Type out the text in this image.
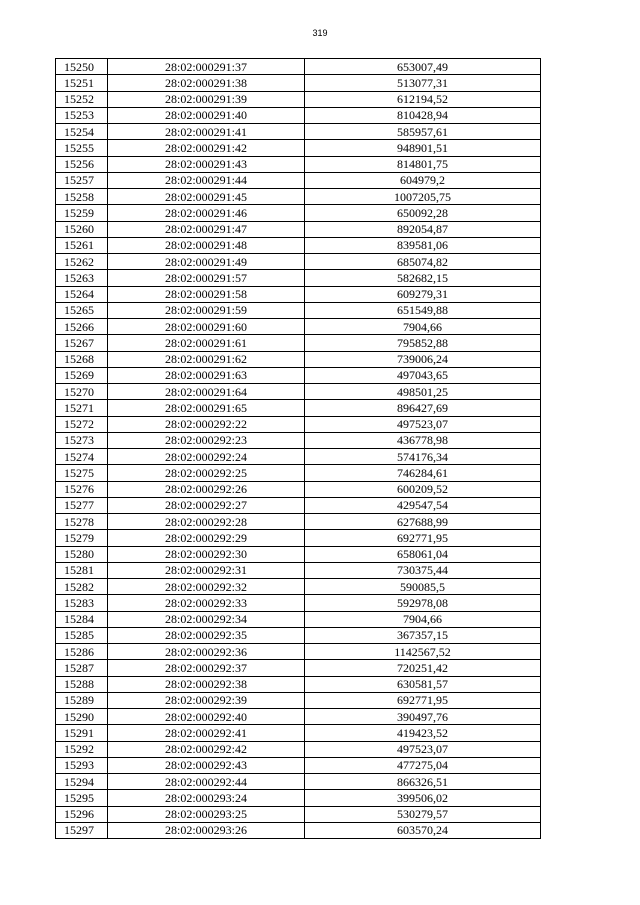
319
15250	28:02:000291:37	653007,49
15251	28:02:000291:38	513077,31
15252	28:02:000291:39	612194,52
15253	28:02:000291:40	810428,94
15254	28:02:000291:41	585957,61
15255	28:02:000291:42	948901,51
15256	28:02:000291:43	814801,75
15257	28:02:000291:44	604979,2
15258	28:02:000291:45	1007205,75
15259	28:02:000291:46	650092,28
15260	28:02:000291:47	892054,87
15261	28:02:000291:48	839581,06
15262	28:02:000291:49	685074,82
15263	28:02:000291:57	582682,15
15264	28:02:000291:58	609279,31
15265	28:02:000291:59	651549,88
15266	28:02:000291:60	7904,66
15267	28:02:000291:61	795852,88
15268	28:02:000291:62	739006,24
15269	28:02:000291:63	497043,65
15270	28:02:000291:64	498501,25
15271	28:02:000291:65	896427,69
15272	28:02:000292:22	497523,07
15273	28:02:000292:23	436778,98
15274	28:02:000292:24	574176,34
15275	28:02:000292:25	746284,61
15276	28:02:000292:26	600209,52
15277	28:02:000292:27	429547,54
15278	28:02:000292:28	627688,99
15279	28:02:000292:29	692771,95
15280	28:02:000292:30	658061,04
15281	28:02:000292:31	730375,44
15282	28:02:000292:32	590085,5
15283	28:02:000292:33	592978,08
15284	28:02:000292:34	7904,66
15285	28:02:000292:35	367357,15
15286	28:02:000292:36	1142567,52
15287	28:02:000292:37	720251,42
15288	28:02:000292:38	630581,57
15289	28:02:000292:39	692771,95
15290	28:02:000292:40	390497,76
15291	28:02:000292:41	419423,52
15292	28:02:000292:42	497523,07
15293	28:02:000292:43	477275,04
15294	28:02:000292:44	866326,51
15295	28:02:000293:24	399506,02
15296	28:02:000293:25	530279,57
15297	28:02:000293:26	603570,24
